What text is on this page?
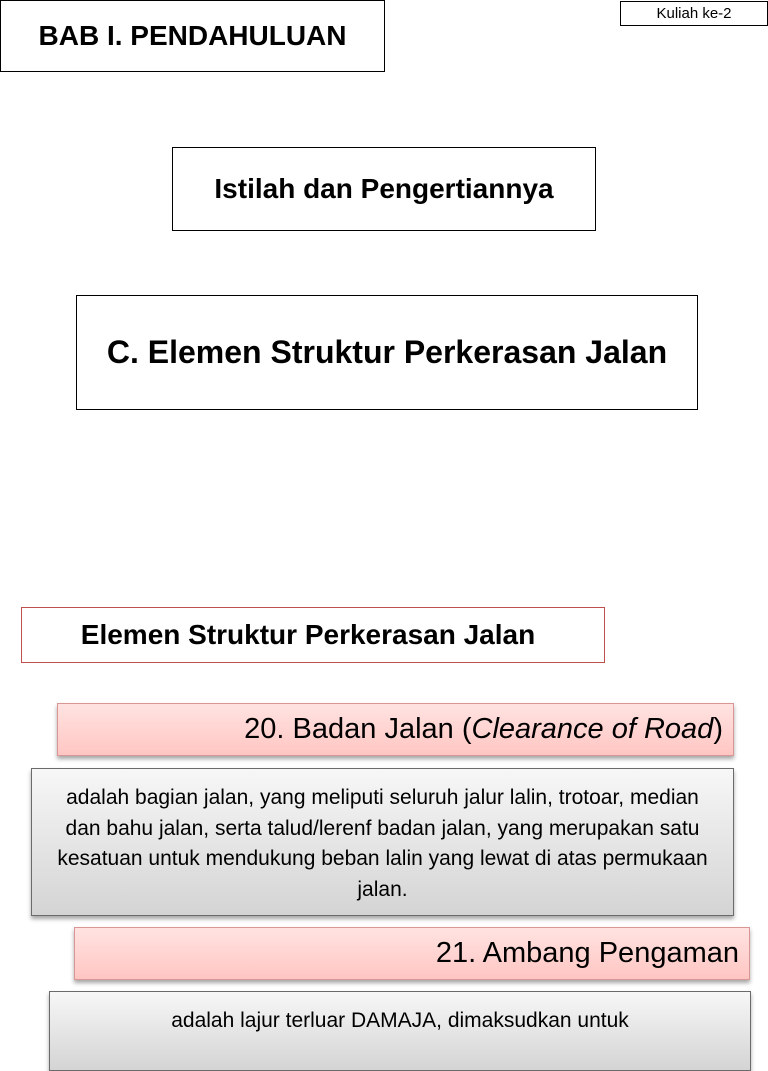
BAB I. PENDAHULUAN
Kuliah ke-2
Istilah dan Pengertiannya
C. Elemen Struktur Perkerasan Jalan
Elemen Struktur Perkerasan Jalan
20. Badan Jalan (Clearance of Road)
adalah bagian jalan, yang meliputi seluruh jalur lalin, trotoar, median dan bahu jalan, serta talud/lerenf badan jalan, yang merupakan satu kesatuan untuk mendukung beban lalin yang lewat di atas permukaan jalan.
21. Ambang Pengaman
adalah lajur terluar DAMAJA, dimaksudkan untuk
